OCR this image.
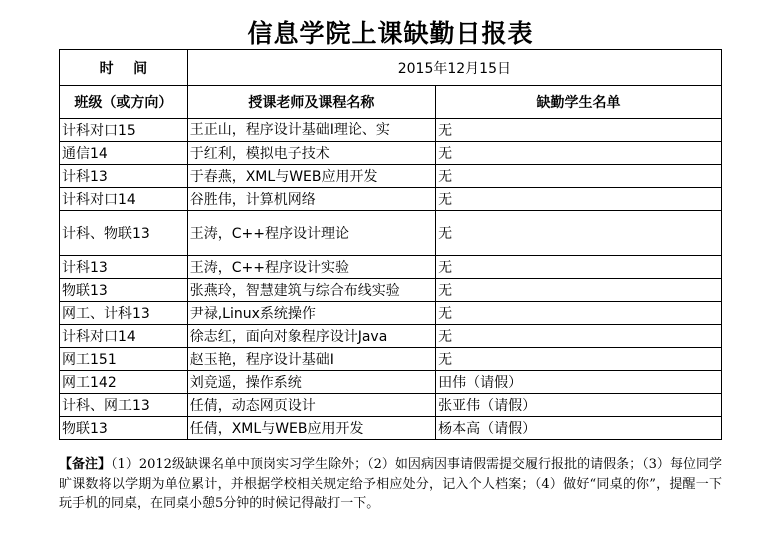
信息学院上课缺勤日报表
时    间	2015年12月15日	
班级（或方向）	授课老师及课程名称	缺勤学生名单
计科对口15	王正山，程序设计基础I理论、实	无
通信14	于红利，模拟电子技术	无
计科13	于春燕，XML与WEB应用开发	无
计科对口14	谷胜伟，计算机网络	无
计科、物联13	王涛，C++程序设计理论	无
计科13	王涛，C++程序设计实验	无
物联13	张燕玲，智慧建筑与综合布线实验	无
网工、计科13	尹禄,Linux系统操作	无
计科对口14	徐志红，面向对象程序设计Java	无
网工151	赵玉艳，程序设计基础I	无
网工142	刘竞遥，操作系统	田伟（请假）
计科、网工13	任倩，动态网页设计	张亚伟（请假）
物联13	任倩，XML与WEB应用开发	杨本高（请假）
【备注】（1）2012级缺课名单中顶岗实习学生除外；（2）如因病因事请假需提交履行报批的请假条；（3）每位同学旷课数将以学期为单位累计，并根据学校相关规定给予相应处分，记入个人档案；（4）做好“同桌的你”，提醒一下玩手机的同桌，在同桌小憩5分钟的时候记得敲打一下。
